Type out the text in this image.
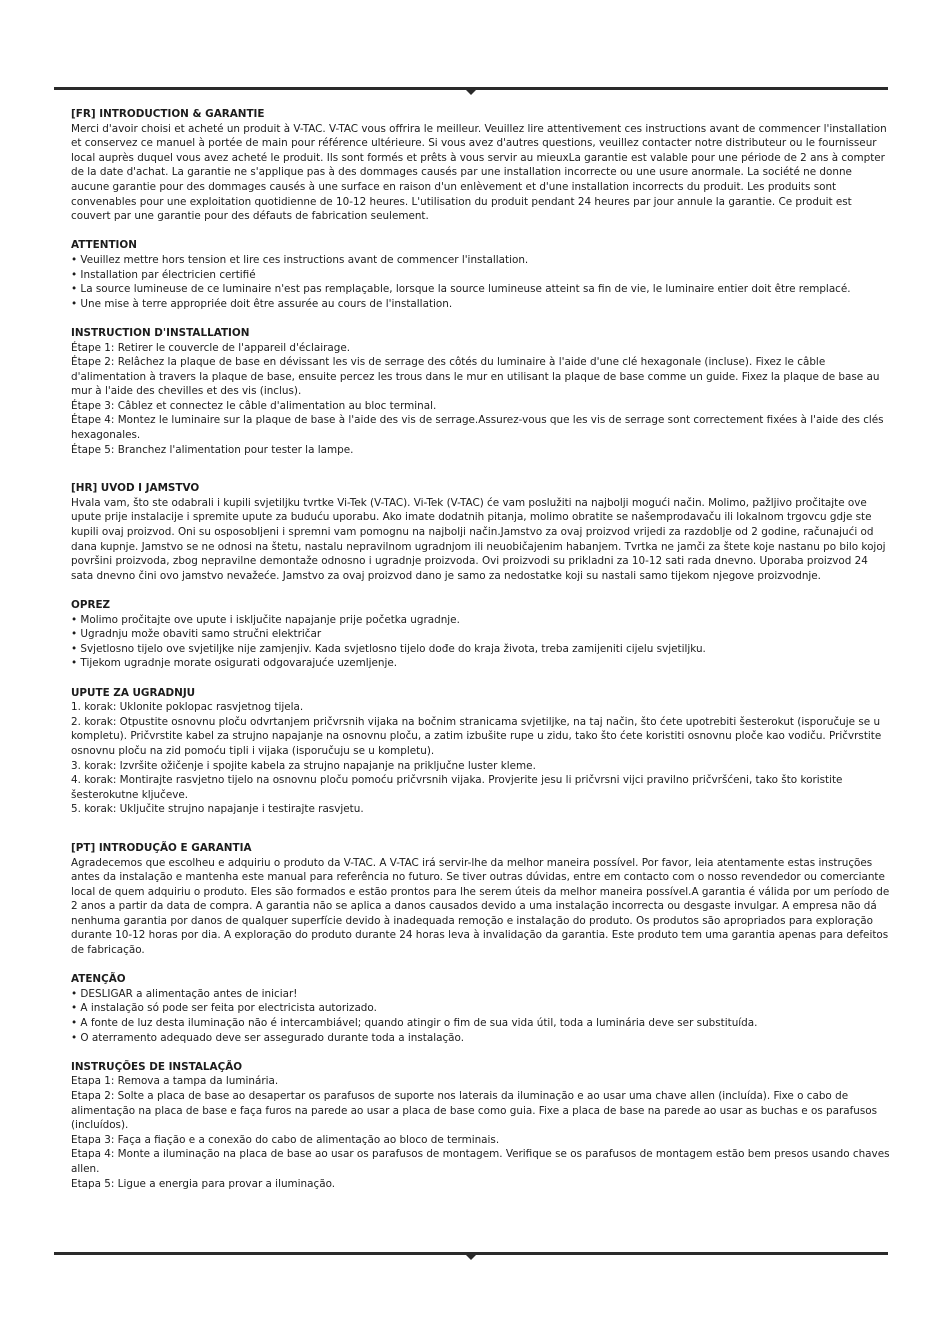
[FR] INTRODUCTION & GARANTIE
Merci d'avoir choisi et acheté un produit à V-TAC. V-TAC vous offrira le meilleur. Veuillez lire attentivement ces instructions avant de commencer l'installation et conservez ce manuel à portée de main pour référence ultérieure. Si vous avez d'autres questions, veuillez contacter notre distributeur ou le fournisseur local auprès duquel vous avez acheté le produit. Ils sont formés et prêts à vous servir au mieuxLa garantie est valable pour une période de 2 ans à compter de la date d'achat. La garantie ne s'applique pas à des dommages causés par une installation incorrecte ou une usure anormale. La société ne donne aucune garantie pour des dommages causés à une surface en raison d'un enlèvement et d'une installation incorrects du produit. Les produits sont convenables pour une exploitation quotidienne de 10-12 heures. L'utilisation du produit pendant 24 heures par jour annule la garantie. Ce produit est couvert par une garantie pour des défauts de fabrication seulement.
ATTENTION
• Veuillez mettre hors tension et lire ces instructions avant de commencer l'installation.
• Installation par électricien certifié
• La source lumineuse de ce luminaire n'est pas remplaçable, lorsque la source lumineuse atteint sa fin de vie, le luminaire entier doit être remplacé.
• Une mise à terre appropriée doit être assurée au cours de l'installation.
INSTRUCTION D'INSTALLATION
Étape 1: Retirer le couvercle de l'appareil d'éclairage.
Étape 2: Relâchez la plaque de base en dévissant les vis de serrage des côtés du luminaire à l'aide d'une clé hexagonale (incluse). Fixez le câble d'alimentation à travers la plaque de base, ensuite percez les trous dans le mur en utilisant la plaque de base comme un guide. Fixez la plaque de base au mur à l'aide des chevilles et des vis (inclus).
Étape 3: Câblez et connectez le câble d'alimentation au bloc terminal.
Étape 4: Montez le luminaire sur la plaque de base à l'aide des vis de serrage.Assurez-vous que les vis de serrage sont correctement fixées à l'aide des clés hexagonales.
Étape 5: Branchez l'alimentation pour tester la lampe.
[HR] UVOD I JAMSTVO
Hvala vam, što ste odabrali i kupili svjetiljku tvrtke Vi-Tek (V-TAC). Vi-Tek (V-TAC) će vam poslužiti na najbolji mogući način. Molimo, pažljivo pročitajte ove upute prije instalacije i spremite upute za buduću uporabu. Ako imate dodatnih pitanja, molimo obratite se našemprodavaču ili lokalnom trgovcu gdje ste kupili ovaj proizvod. Oni su osposobljeni i spremni vam pomognu na najbolji način.Jamstvo za ovaj proizvod vrijedi za razdoblje od 2 godine, računajući od dana kupnje. Jamstvo se ne odnosi na štetu, nastalu nepravilnom ugradnjom ili neuobičajenim habanjem. Tvrtka ne jamči za štete koje nastanu po bilo kojoj površini proizvoda, zbog nepravilne demontaže odnosno i ugradnje proizvoda. Ovi proizvodi su prikladni za 10-12 sati rada dnevno. Uporaba proizvod 24 sata dnevno čini ovo jamstvo nevažeće. Jamstvo za ovaj proizvod dano je samo za nedostatke koji su nastali samo tijekom njegove proizvodnje.
OPREZ
• Molimo pročitajte ove upute i isključite napajanje prije početka ugradnje.
• Ugradnju može obaviti samo stručni električar
• Svjetlosno tijelo ove svjetiljke nije zamjenjiv. Kada svjetlosno tijelo dođe do kraja života, treba zamijeniti cijelu svjetiljku.
• Tijekom ugradnje morate osigurati odgovarajuće uzemljenje.
UPUTE ZA UGRADNJU
1. korak: Uklonite poklopac rasvjetnog tijela.
2. korak: Otpustite osnovnu ploču odvrtanjem pričvrsnih vijaka na bočnim stranicama svjetiljke, na taj način, što ćete upotrebiti šesterokut (isporučuje se u kompletu). Pričvrstite kabel za strujno napajanje na osnovnu ploču, a zatim izbušite rupe u zidu, tako što ćete koristiti osnovnu ploče kao vodiču. Pričvrstite osnovnu ploču na zid pomoću tipli i vijaka (isporučuju se u kompletu).
3. korak: Izvršite ožičenje i spojite kabela za strujno napajanje na priključne luster kleme.
4. korak: Montirajte rasvjetno tijelo na osnovnu ploču pomoću pričvrsnih vijaka. Provjerite jesu li pričvrsni vijci pravilno pričvršćeni, tako što koristite šesterokutne ključeve.
5. korak: Uključite strujno napajanje i testirajte rasvjetu.
[PT] INTRODUÇÃO E GARANTIA
Agradecemos que escolheu e adquiriu o produto da V-TAC. A V-TAC irá servir-lhe da melhor maneira possível. Por favor, leia atentamente estas instruções antes da instalação e mantenha este manual para referência no futuro. Se tiver outras dúvidas, entre em contacto com o nosso revendedor ou comerciante local de quem adquiriu o produto. Eles são formados e estão prontos para lhe serem úteis da melhor maneira possível.A garantia é válida por um período de 2 anos a partir da data de compra. A garantia não se aplica a danos causados devido a uma instalação incorrecta ou desgaste invulgar. A empresa não dá nenhuma garantia por danos de qualquer superfície devido à inadequada remoção e instalação do produto. Os produtos são apropriados para exploração durante 10-12 horas por dia. A exploração do produto durante 24 horas leva à invalidação da garantia. Este produto tem uma garantia apenas para defeitos de fabricação.
ATENÇÃO
• DESLIGAR a alimentação antes de iniciar!
• A instalação só pode ser feita por electricista autorizado.
• A fonte de luz desta iluminação não é intercambiável; quando atingir o fim de sua vida útil, toda a luminária deve ser substituída.
• O aterramento adequado deve ser assegurado durante toda a instalação.
INSTRUÇÕES DE INSTALAÇÃO
Etapa 1: Remova a tampa da luminária.
Etapa 2: Solte a placa de base ao desapertar os parafusos de suporte nos laterais da iluminação e ao usar uma chave allen (incluída). Fixe o cabo de alimentação na placa de base e faça furos na parede ao usar a placa de base como guia. Fixe a placa de base na parede ao usar as buchas e os parafusos (incluídos).
Etapa 3: Faça a fiação e a conexão do cabo de alimentação ao bloco de terminais.
Etapa 4: Monte a iluminação na placa de base ao usar os parafusos de montagem. Verifique se os parafusos de montagem estão bem presos usando chaves allen.
Etapa 5: Ligue a energia para provar a iluminação.
